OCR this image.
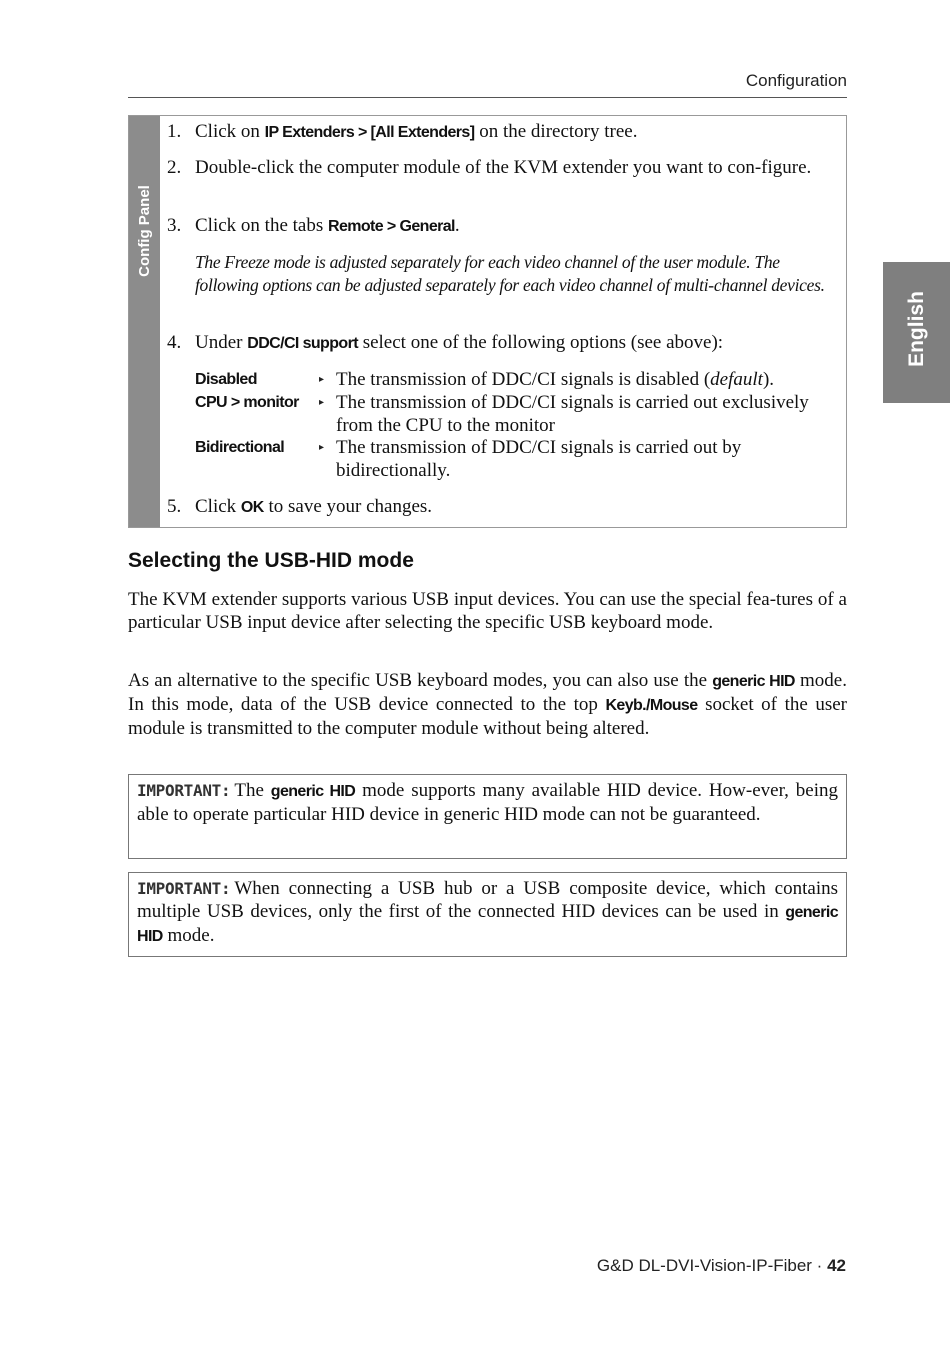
Configuration
English
Config Panel
1. Click on IP Extenders > [All Extenders] on the directory tree.
2. Double-click the computer module of the KVM extender you want to con-figure.
3. Click on the tabs Remote > General.
The Freeze mode is adjusted separately for each video channel of the user module. The following options can be adjusted separately for each video channel of multi-channel devices.
4. Under DDC/CI support select one of the following options (see above):
Disabled	▸ The transmission of DDC/CI signals is disabled (default).
CPU > monitor ▸ The transmission of DDC/CI signals is carried out exclusively from the CPU to the monitor
Bidirectional	▸ The transmission of DDC/CI signals is carried out by bidirectionally.
5. Click OK to save your changes.
Selecting the USB-HID mode
The KVM extender supports various USB input devices. You can use the special fea-tures of a particular USB input device after selecting the specific USB keyboard mode.
As an alternative to the specific USB keyboard modes, you can also use the generic HID mode. In this mode, data of the USB device connected to the top Keyb./Mouse socket of the user module is transmitted to the computer module without being altered.
IMPORTANT: The generic HID mode supports many available HID device. How-ever, being able to operate particular HID device in generic HID mode can not be guaranteed.
IMPORTANT: When connecting a USB hub or a USB composite device, which contains multiple USB devices, only the first of the connected HID devices can be used in generic HID mode.
G&D DL-DVI-Vision-IP-Fiber · 42
